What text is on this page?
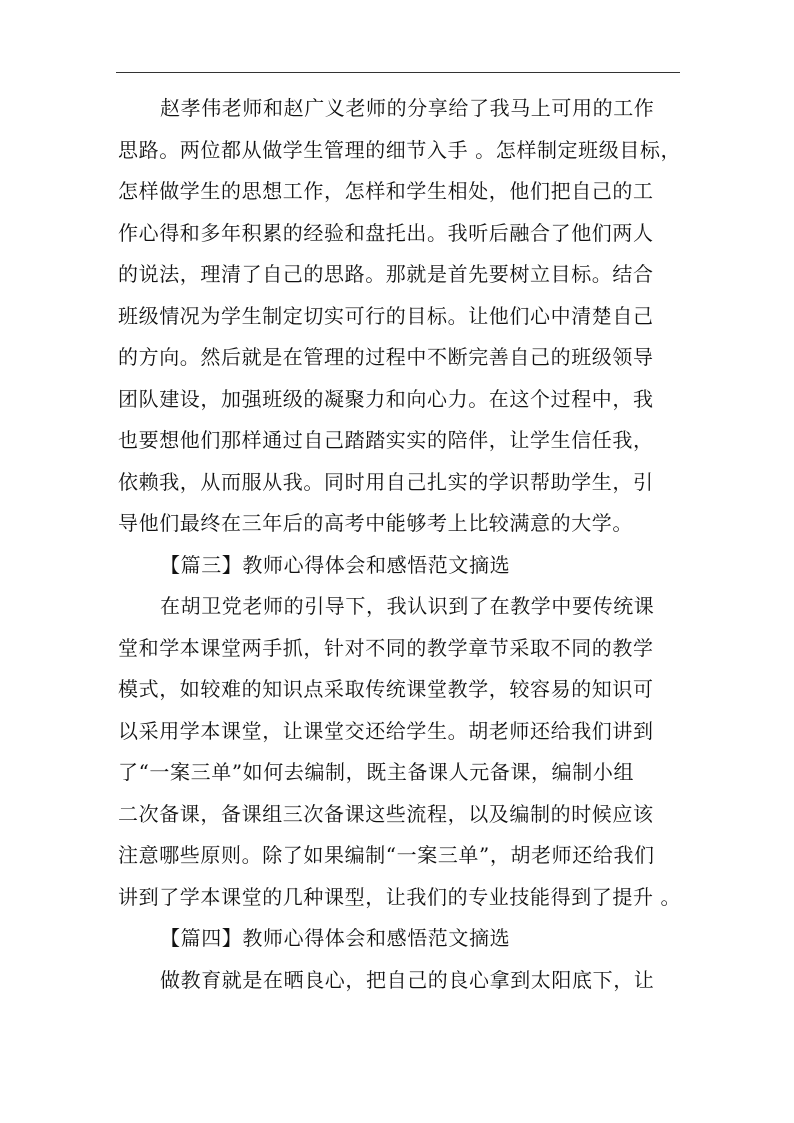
赵孝伟老师和赵广义老师的分享给了我马上可用的工作
思路。两位都从做学生管理的细节入手 。怎样制定班级目标，
怎样做学生的思想工作，怎样和学生相处，他们把自己的工
作心得和多年积累的经验和盘托出。我听后融合了他们两人
的说法，理清了自己的思路。那就是首先要树立目标。结合
班级情况为学生制定切实可行的目标。让他们心中清楚自己
的方向。然后就是在管理的过程中不断完善自己的班级领导
团队建设，加强班级的凝聚力和向心力。在这个过程中，我
也要想他们那样通过自己踏踏实实的陪伴，让学生信任我，
依赖我，从而服从我。同时用自己扎实的学识帮助学生，引
导他们最终在三年后的高考中能够考上比较满意的大学。
【篇三】教师心得体会和感悟范文摘选
在胡卫党老师的引导下，我认识到了在教学中要传统课
堂和学本课堂两手抓，针对不同的教学章节采取不同的教学
模式，如较难的知识点采取传统课堂教学，较容易的知识可
以采用学本课堂，让课堂交还给学生。胡老师还给我们讲到
了“一案三单”如何去编制，既主备课人元备课，编制小组
二次备课，备课组三次备课这些流程，以及编制的时候应该
注意哪些原则。除了如果编制“一案三单”，胡老师还给我们
讲到了学本课堂的几种课型，让我们的专业技能得到了提升 。
【篇四】教师心得体会和感悟范文摘选
做教育就是在晒良心，把自己的良心拿到太阳底下，让
